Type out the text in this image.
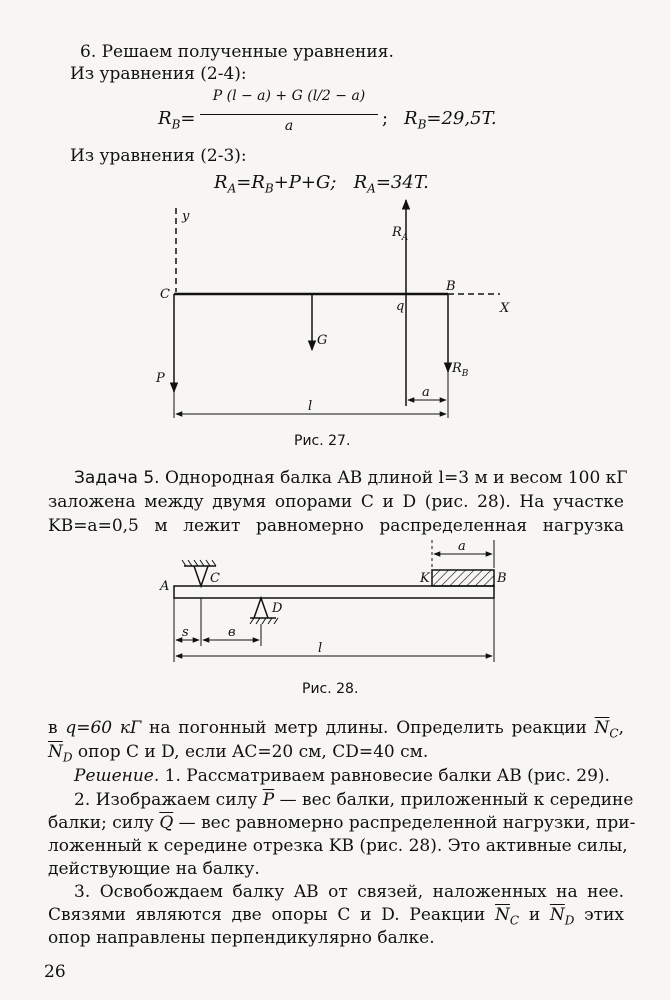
6. Решаем полученные уравнения.
Из уравнения (2-4):
$R_B=$
P (l − a) + G (l/2 − a)
a	; $R_B=29,5T$.
Из уравнения (2-3):
$R_A=R_B+P+G$; $R_A=34T$.
y
X
C
B
q
P
G
$R_A$
$R_B$
a
l
Рис. 27.
Задача 5. Однородная балка AB длиной l=3 м и весом 100 кГ
заложена между двумя опорами C и D (рис. 28). На участке
KB=a=0,5 м лежит равномерно распределенная нагрузка
A
C
D
K	B
a
s	в
l
Рис. 28.
в q=60 кГ на погонный метр длины. Определить реакции $\overline{N}_C$,
$\overline{N}_D$ опор C и D, если AC=20 см, CD=40 см.
Решение. 1. Рассматриваем равновесие балки AB (рис. 29).
2. Изображаем силу $\overline{P}$ — вес балки, приложенный к середине
балки; силу $\overline{Q}$ — вес равномерно распределенной нагрузки, при-
ложенный к середине отрезка KB (рис. 28). Это активные силы,
действующие на балку.
3. Освобождаем балку AB от связей, наложенных на нее.
Связями являются две опоры C и D. Реакции $\overline{N}_C$ и $\overline{N}_D$ этих
опор направлены перпендикулярно балке.
26
